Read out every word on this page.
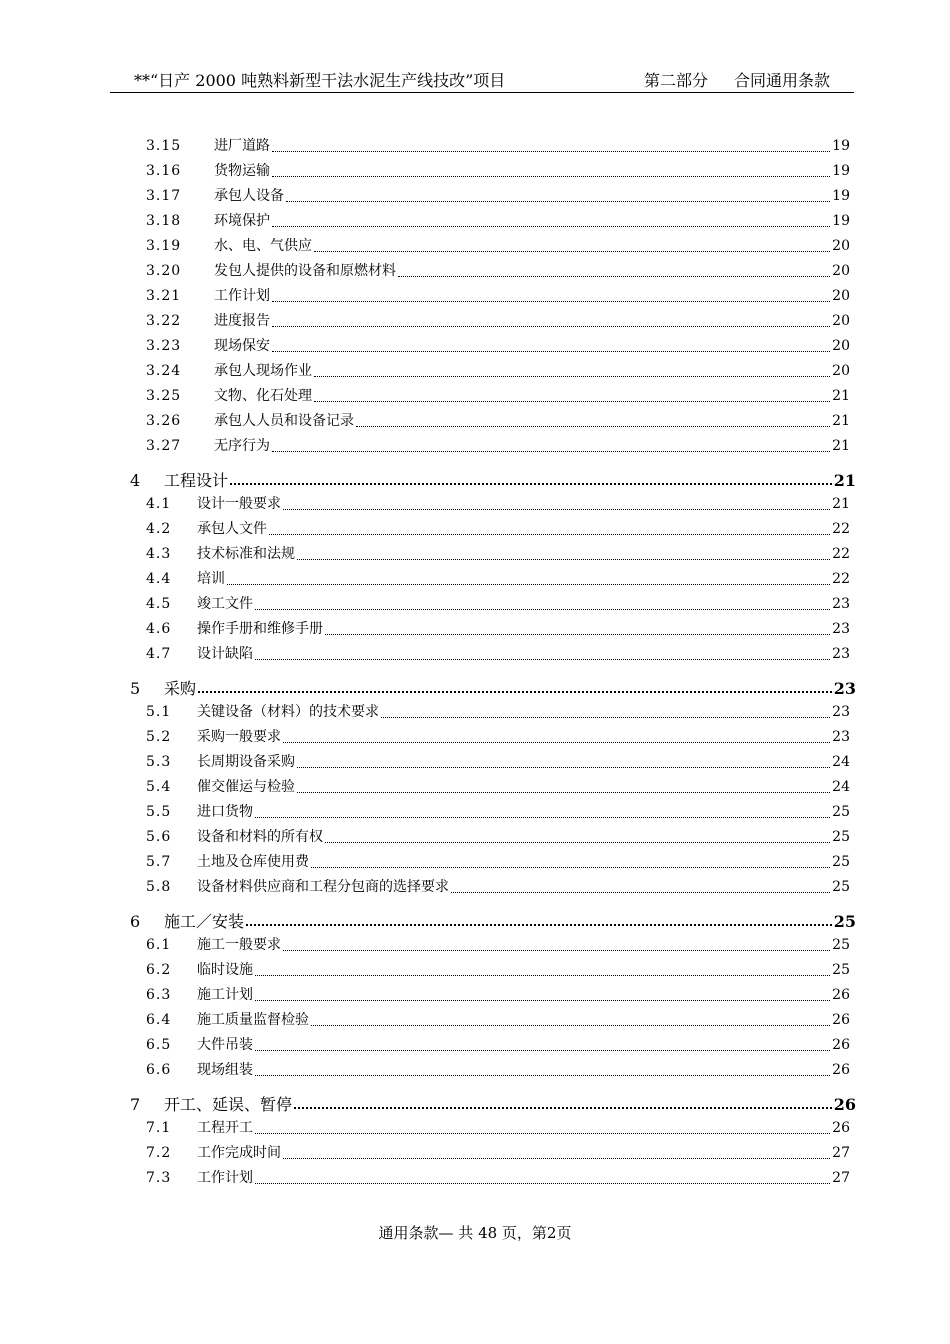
**“日产 2000 吨熟料新型干法水泥生产线技改”项目	第二部分 合同通用条款
3.15	进厂道路	19
3.16	货物运输	19
3.17	承包人设备	19
3.18	环境保护	19
3.19	水、电、气供应	20
3.20	发包人提供的设备和原燃材料	20
3.21	工作计划	20
3.22	进度报告	20
3.23	现场保安	20
3.24	承包人现场作业	20
3.25	文物、化石处理	21
3.26	承包人人员和设备记录	21
3.27	无序行为	21
4	工程设计	21
4.1	设计一般要求	21
4.2	承包人文件	22
4.3	技术标准和法规	22
4.4	培训	22
4.5	竣工文件	23
4.6	操作手册和维修手册	23
4.7	设计缺陷	23
5	采购	23
5.1	关键设备（材料）的技术要求	23
5.2	采购一般要求	23
5.3	长周期设备采购	24
5.4	催交催运与检验	24
5.5	进口货物	25
5.6	设备和材料的所有权	25
5.7	土地及仓库使用费	25
5.8	设备材料供应商和工程分包商的选择要求	25
6	施工／安装	25
6.1	施工一般要求	25
6.2	临时设施	25
6.3	施工计划	26
6.4	施工质量监督检验	26
6.5	大件吊装	26
6.6	现场组装	26
7	开工、延误、暂停	26
7.1	工程开工	26
7.2	工作完成时间	27
7.3	工作计划	27
通用条款— 共 48 页，第2页
